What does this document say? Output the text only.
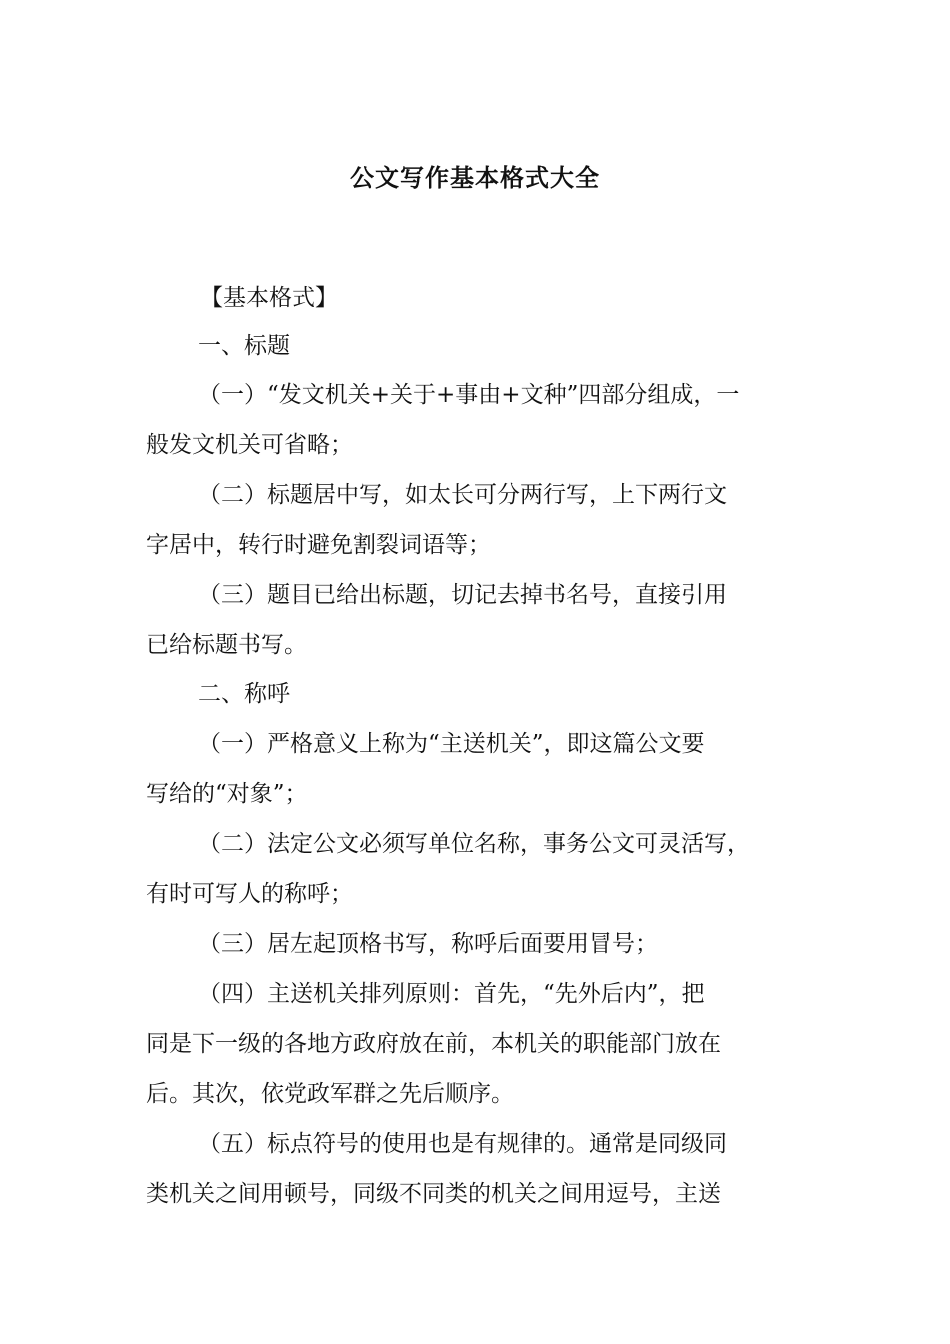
公文写作基本格式大全
【基本格式】
一、标题
（一）“发文机关+关于+事由+文种”四部分组成，一
般发文机关可省略；
（二）标题居中写，如太长可分两行写，上下两行文
字居中，转行时避免割裂词语等；
（三）题目已给出标题，切记去掉书名号，直接引用
已给标题书写。
二、称呼
（一）严格意义上称为“主送机关”，即这篇公文要
写给的“对象”；
（二）法定公文必须写单位名称，事务公文可灵活写，
有时可写人的称呼；
（三）居左起顶格书写，称呼后面要用冒号；
（四）主送机关排列原则：首先，“先外后内”，把
同是下一级的各地方政府放在前，本机关的职能部门放在
后。其次，依党政军群之先后顺序。
（五）标点符号的使用也是有规律的。通常是同级同
类机关之间用顿号，同级不同类的机关之间用逗号，主送
